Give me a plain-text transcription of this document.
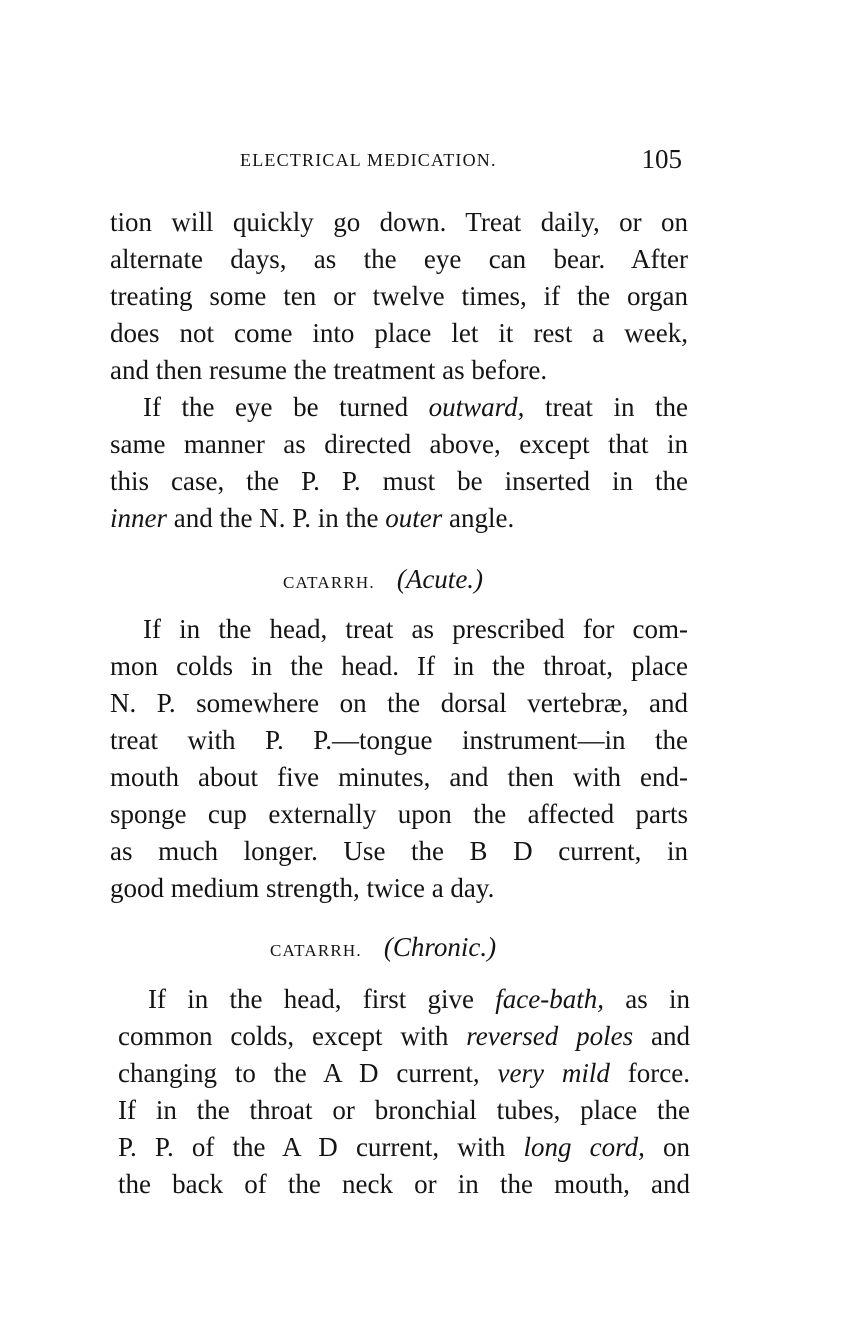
ELECTRICAL MEDICATION.	105
tion will quickly go down. Treat daily, or on
alternate days, as the eye can bear. After
treating some ten or twelve times, if the organ
does not come into place let it rest a week,
and then resume the treatment as before.
If the eye be turned outward, treat in the
same manner as directed above, except that in
this case, the P. P. must be inserted in the
inner and the N. P. in the outer angle.
CATARRH. (Acute.)
If in the head, treat as prescribed for com-
mon colds in the head. If in the throat, place
N. P. somewhere on the dorsal vertebræ, and
treat with P. P.—tongue instrument—in the
mouth about five minutes, and then with end-
sponge cup externally upon the affected parts
as much longer. Use the B D current, in
good medium strength, twice a day.
CATARRH. (Chronic.)
If in the head, first give face-bath, as in
common colds, except with reversed poles and
changing to the A D current, very mild force.
If in the throat or bronchial tubes, place the
P. P. of the A D current, with long cord, on
the back of the neck or in the mouth, and
